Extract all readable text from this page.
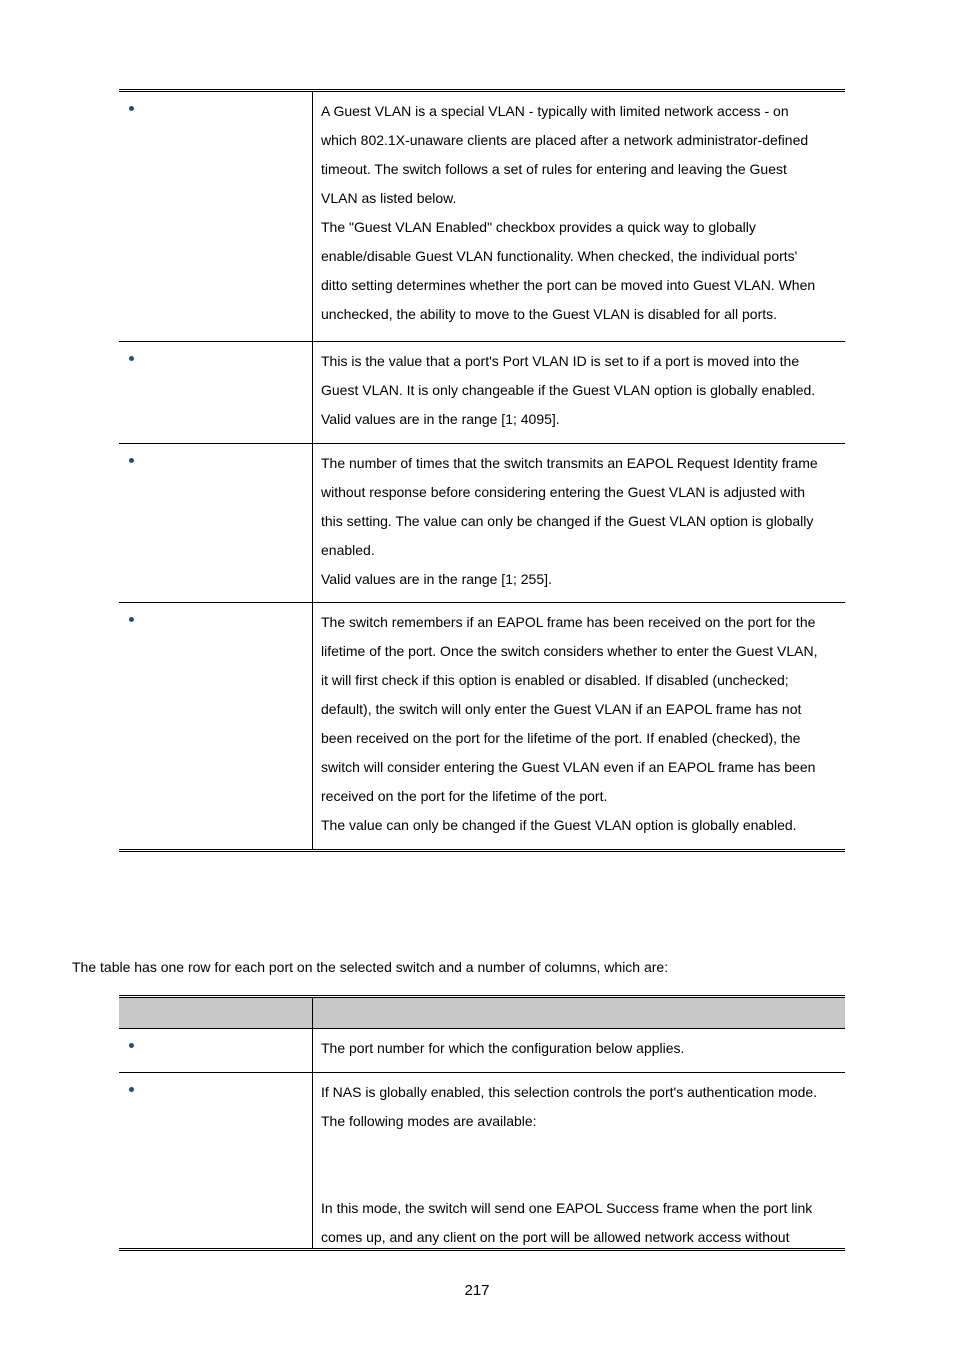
A Guest VLAN is a special VLAN - typically with limited network access - on

which 802.1X-unaware clients are placed after a network administrator-defined

timeout. The switch follows a set of rules for entering and leaving the Guest

VLAN as listed below.

The "Guest VLAN Enabled" checkbox provides a quick way to globally

enable/disable Guest VLAN functionality. When checked, the individual ports'

ditto setting determines whether the port can be moved into Guest VLAN. When

unchecked, the ability to move to the Guest VLAN is disabled for all ports.

This is the value that a port's Port VLAN ID is set to if a port is moved into the

Guest VLAN. It is only changeable if the Guest VLAN option is globally enabled.

Valid values are in the range [1; 4095].

The number of times that the switch transmits an EAPOL Request Identity frame

without response before considering entering the Guest VLAN is adjusted with

this setting. The value can only be changed if the Guest VLAN option is globally

enabled.

Valid values are in the range [1; 255].

The switch remembers if an EAPOL frame has been received on the port for the

lifetime of the port. Once the switch considers whether to enter the Guest VLAN,

it will first check if this option is enabled or disabled. If disabled (unchecked;

default), the switch will only enter the Guest VLAN if an EAPOL frame has not

been received on the port for the lifetime of the port. If enabled (checked), the

switch will consider entering the Guest VLAN even if an EAPOL frame has been

received on the port for the lifetime of the port.

The value can only be changed if the Guest VLAN option is globally enabled.

The table has one row for each port on the selected switch and a number of columns, which are:

The port number for which the configuration below applies.

If NAS is globally enabled, this selection controls the port's authentication mode.

The following modes are available:

In this mode, the switch will send one EAPOL Success frame when the port link

comes up, and any client on the port will be allowed network access without

217
